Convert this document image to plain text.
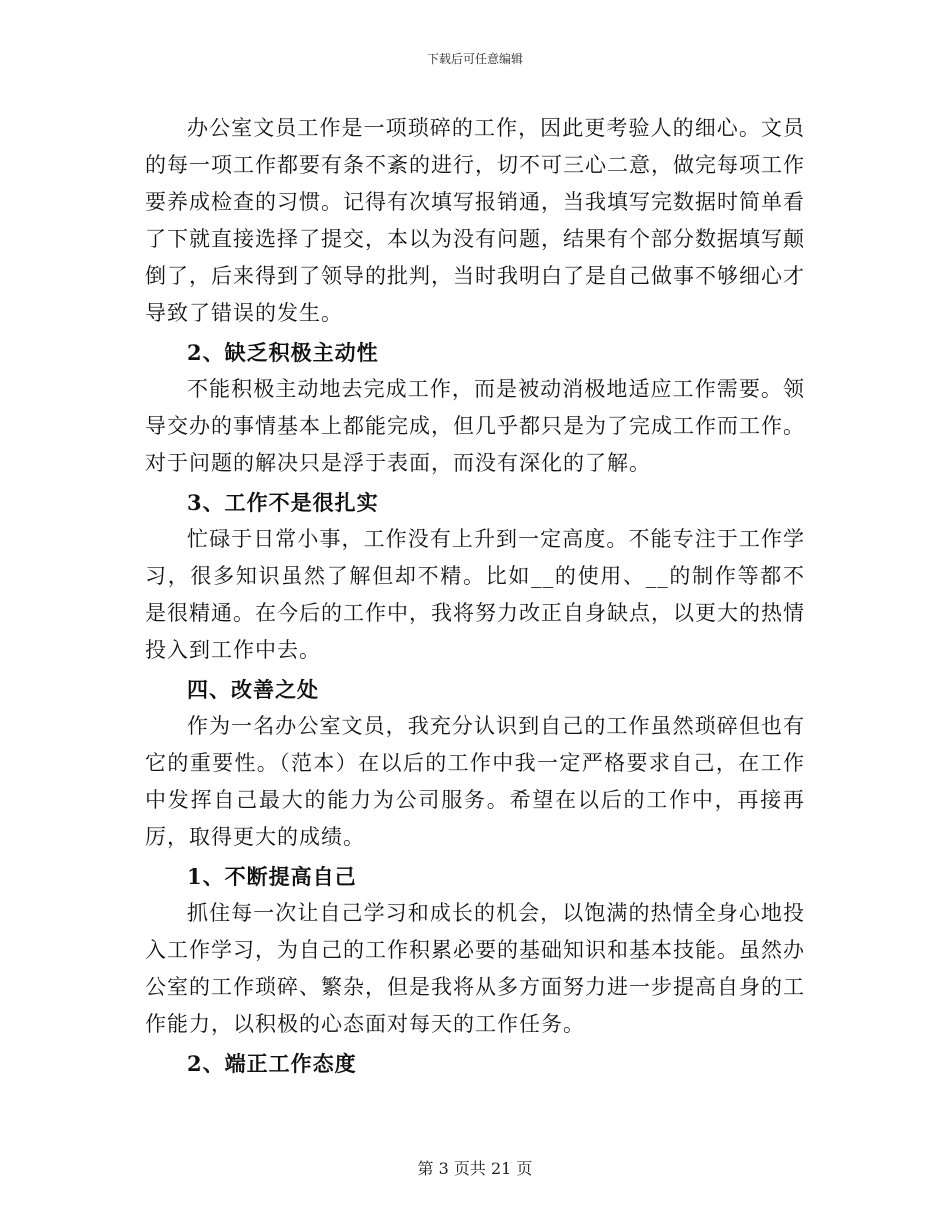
下载后可任意编辑

办公室文员工作是一项琐碎的工作，因此更考验人的细心。文员的每一项工作都要有条不紊的进行，切不可三心二意，做完每项工作要养成检查的习惯。记得有次填写报销通，当我填写完数据时简单看了下就直接选择了提交，本以为没有问题，结果有个部分数据填写颠倒了，后来得到了领导的批判，当时我明白了是自己做事不够细心才导致了错误的发生。

2、缺乏积极主动性

不能积极主动地去完成工作，而是被动消极地适应工作需要。领导交办的事情基本上都能完成，但几乎都只是为了完成工作而工作。对于问题的解决只是浮于表面，而没有深化的了解。

3、工作不是很扎实

忙碌于日常小事，工作没有上升到一定高度。不能专注于工作学习，很多知识虽然了解但却不精。比如__的使用、__的制作等都不是很精通。在今后的工作中，我将努力改正自身缺点，以更大的热情投入到工作中去。

四、改善之处

作为一名办公室文员，我充分认识到自己的工作虽然琐碎但也有它的重要性。（范本）在以后的工作中我一定严格要求自己，在工作中发挥自己最大的能力为公司服务。希望在以后的工作中，再接再厉，取得更大的成绩。

1、不断提高自己

抓住每一次让自己学习和成长的机会，以饱满的热情全身心地投入工作学习，为自己的工作积累必要的基础知识和基本技能。虽然办公室的工作琐碎、繁杂，但是我将从多方面努力进一步提高自身的工作能力，以积极的心态面对每天的工作任务。

2、端正工作态度

第 3 页共 21 页
